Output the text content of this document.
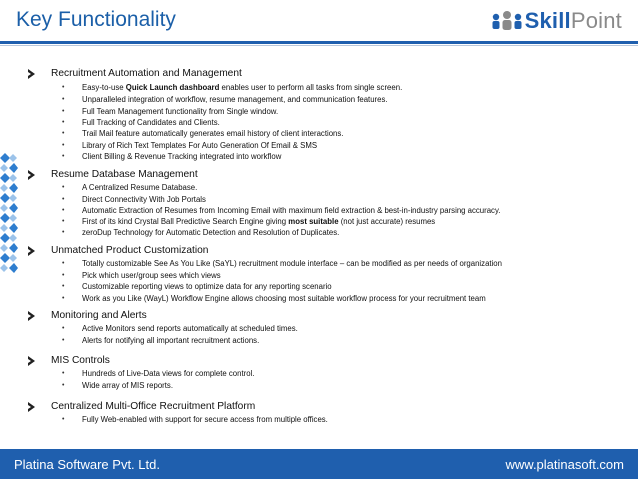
Key Functionality	SkillPoint
Recruitment Automation and Management
•	Easy-to-use Quick Launch dashboard enables user to perform all tasks from single screen.
•	Unparalleled integration of workflow, resume management, and communication features.
•	Full Team Management functionality from Single window.
•	Full Tracking of Candidates and Clients.
•	Trail Mail feature automatically generates email history of client interactions.
•	Library of Rich Text Templates For Auto Generation Of Email & SMS
•	Client Billing & Revenue Tracking integrated into workflow
Resume Database Management
•	A Centralized Resume Database.
•	Direct Connectivity With Job Portals
•	Automatic Extraction of Resumes from Incoming Email with maximum field extraction & best-in-industry parsing accuracy.
•	First of its kind Crystal Ball Predictive Search Engine giving most suitable (not just accurate) resumes
•	zeroDup Technology for Automatic Detection and Resolution of Duplicates.
Unmatched Product Customization
•	Totally customizable See As You Like (SaYL) recruitment module interface – can be modified as per needs of organization
•	Pick which user/group sees which views
•	Customizable reporting views to optimize data for any reporting scenario
•	Work as you Like (WayL) Workflow Engine allows choosing most suitable workflow process for your recruitment team
Monitoring and Alerts
•	Active Monitors send reports automatically at scheduled times.
•	Alerts for notifying all important recruitment actions.
MIS Controls
•	Hundreds of Live-Data views for complete control.
•	Wide array of MIS reports.
Centralized Multi-Office Recruitment Platform
•	Fully Web-enabled with support for secure access from multiple offices.
Platina Software Pvt. Ltd.	www.platinasoft.com
